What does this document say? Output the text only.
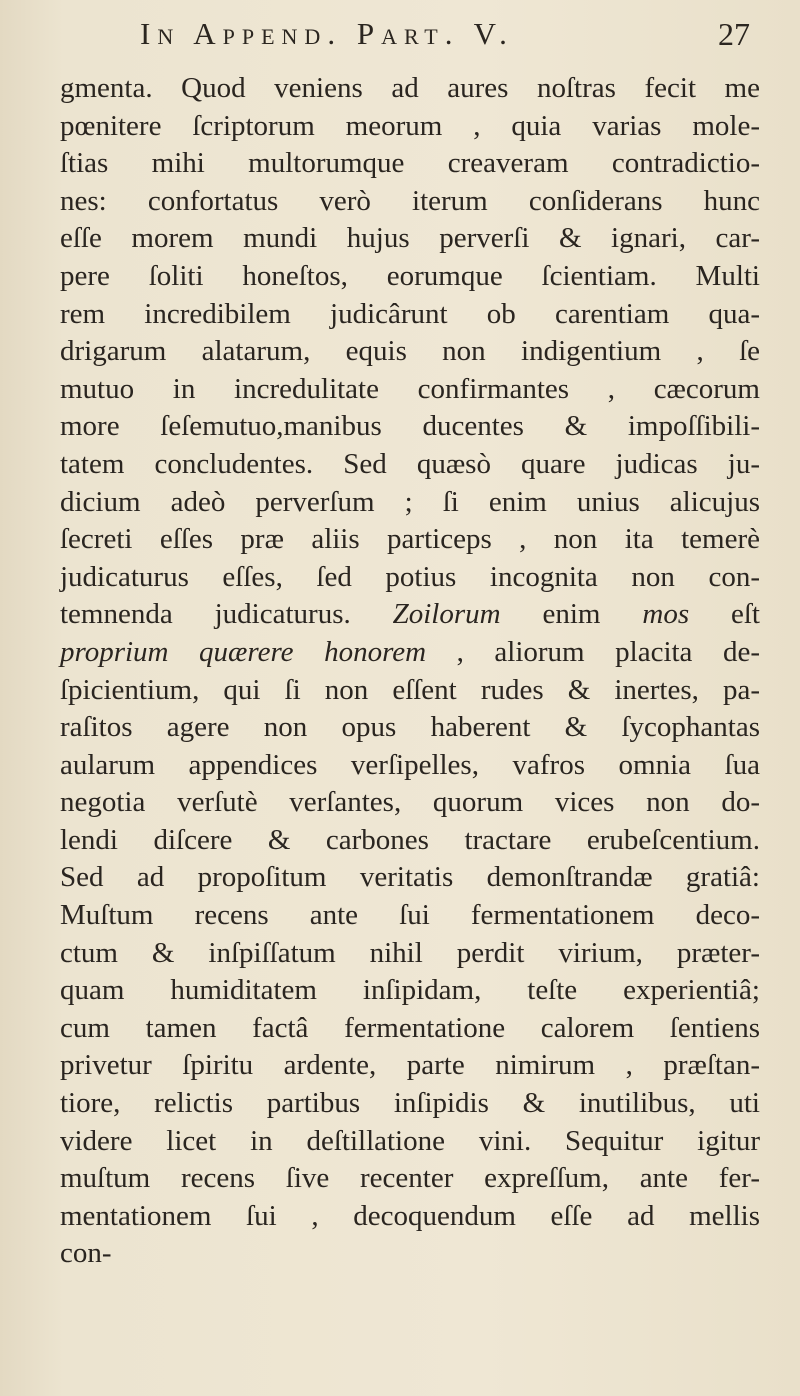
In Append. Part. V.	27
gmenta. Quod veniens ad aures noſtras fecit me
pœnitere ſcriptorum meorum , quia varias mole-
ſtias mihi multorumque creaveram contradictio-
nes: confortatus verò iterum conſiderans hunc
eſſe morem mundi hujus perverſi & ignari, car-
pere ſoliti honeſtos, eorumque ſcientiam. Multi
rem incredibilem judicârunt ob carentiam qua-
drigarum alatarum, equis non indigentium , ſe
mutuo in incredulitate confirmantes , cæcorum
more ſeſemutuo,manibus ducentes & impoſſibili-
tatem concludentes. Sed quæsò quare judicas ju-
dicium adeò perverſum ; ſi enim unius alicujus
ſecreti eſſes præ aliis particeps , non ita temerè
judicaturus eſſes, ſed potius incognita non con-
temnenda judicaturus. Zoilorum enim mos eſt
proprium quærere honorem , aliorum placita de-
ſpicientium, qui ſi non eſſent rudes & inertes, pa-
raſitos agere non opus haberent & ſycophantas
aularum appendices verſipelles, vafros omnia ſua
negotia verſutè verſantes, quorum vices non do-
lendi diſcere & carbones tractare erubeſcentium.
Sed ad propoſitum veritatis demonſtrandæ gratiâ:
Muſtum recens ante ſui fermentationem deco-
ctum & inſpiſſatum nihil perdit virium, præter-
quam humiditatem inſipidam, teſte experientiâ;
cum tamen factâ fermentatione calorem ſentiens
privetur ſpiritu ardente, parte nimirum , præſtan-
tiore, relictis partibus inſipidis & inutilibus, uti
videre licet in deſtillatione vini. Sequitur igitur
muſtum recens ſive recenter expreſſum, ante fer-
mentationem ſui , decoquendum eſſe ad mellis
con-
